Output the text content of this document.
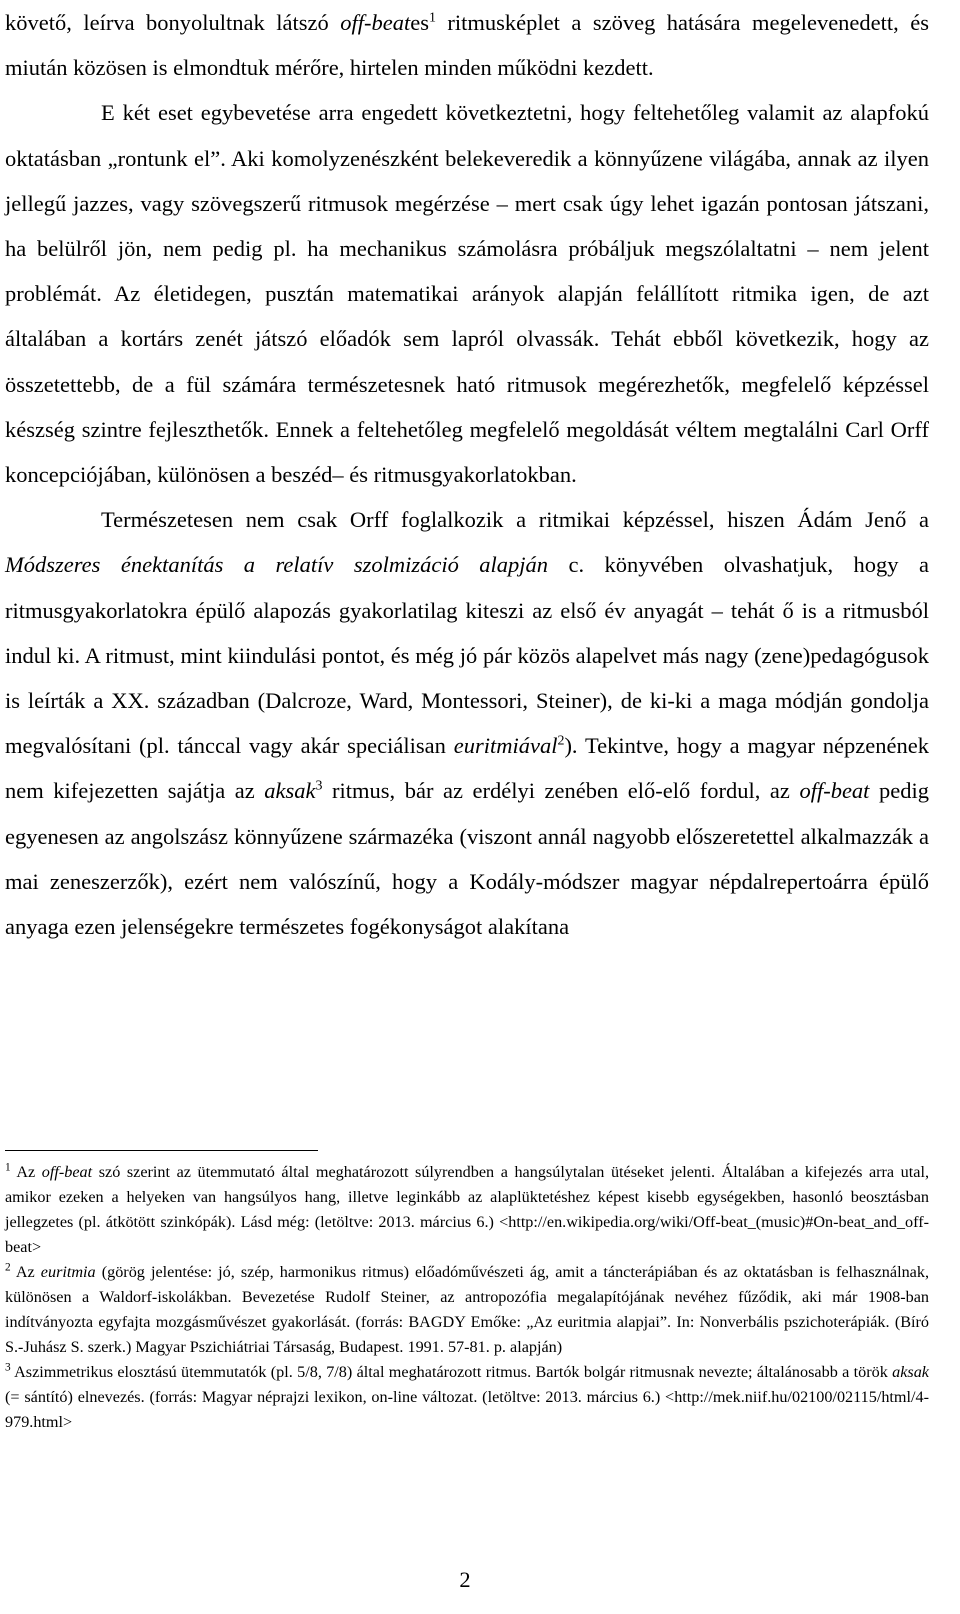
követő, leírva bonyolultnak látszó off-beates$^1$ ritmusképlet a szöveg hatására megelevenedett, és miután közösen is elmondtuk mérőre, hirtelen minden működni kezdett.

E két eset egybevetése arra engedett következtetni, hogy feltehetőleg valamit az alapfokú oktatásban „rontunk el”. Aki komolyzenészként belekeveredik a könnyűzene világába, annak az ilyen jellegű jazzes, vagy szövegszerű ritmusok megérzése – mert csak úgy lehet igazán pontosan játszani, ha belülről jön, nem pedig pl. ha mechanikus számolásra próbáljuk megszólaltatni – nem jelent problémát. Az életidegen, pusztán matematikai arányok alapján felállított ritmika igen, de azt általában a kortárs zenét játszó előadók sem lapról olvassák. Tehát ebből következik, hogy az összetettebb, de a fül számára természetesnek ható ritmusok megérezhetők, megfelelő képzéssel készség szintre fejleszthetők. Ennek a feltehetőleg megfelelő megoldását véltem megtalálni Carl Orff koncepciójában, különösen a beszéd– és ritmusgyakorlatokban.

Természetesen nem csak Orff foglalkozik a ritmikai képzéssel, hiszen Ádám Jenő a Módszeres énektanítás a relatív szolmizáció alapján c. könyvében olvashatjuk, hogy a ritmusgyakorlatokra épülő alapozás gyakorlatilag kiteszi az első év anyagát – tehát ő is a ritmusból indul ki. A ritmust, mint kiindulási pontot, és még jó pár közös alapelvet más nagy (zene)pedagógusok is leírták a XX. században (Dalcroze, Ward, Montessori, Steiner), de ki-ki a maga módján gondolja megvalósítani (pl. tánccal vagy akár speciálisan euritmiával$^2$). Tekintve, hogy a magyar népzenének nem kifejezetten sajátja az aksak$^3$ ritmus, bár az erdélyi zenében elő-elő fordul, az off-beat pedig egyenesen az angolszász könnyűzene származéka (viszont annál nagyobb előszeretettel alkalmazzák a mai zeneszerzők), ezért nem valószínű, hogy a Kodály-módszer magyar népdalrepertoárra épülő anyaga ezen jelenségekre természetes fogékonyságot alakítana

$^1$ Az off-beat szó szerint az ütemmutató által meghatározott súlyrendben a hangsúlytalan ütéseket jelenti. Általában a kifejezés arra utal, amikor ezeken a helyeken van hangsúlyos hang, illetve leginkább az alaplüktetéshez képest kisebb egységekben, hasonló beosztásban jellegzetes (pl. átkötött szinkópák). Lásd még: (letöltve: 2013. március 6.) <http://en.wikipedia.org/wiki/Off-beat_(music)#On-beat_and_off-beat>

$^2$ Az euritmia (görög jelentése: jó, szép, harmonikus ritmus) előadóművészeti ág, amit a táncterápiában és az oktatásban is felhasználnak, különösen a Waldorf-iskolákban. Bevezetése Rudolf Steiner, az antropozófia megalapítójának nevéhez fűződik, aki már 1908-ban indítványozta egyfajta mozgásművészet gyakorlását. (forrás: BAGDY Emőke: „Az euritmia alapjai”. In: Nonverbális pszichoterápiák. (Bíró S.-Juhász S. szerk.) Magyar Pszichiátriai Társaság, Budapest. 1991. 57-81. p. alapján)

$^3$ Aszimmetrikus elosztású ütemmutatók (pl. 5/8, 7/8) által meghatározott ritmus. Bartók bolgár ritmusnak nevezte; általánosabb a török aksak (= sántító) elnevezés. (forrás: Magyar néprajzi lexikon, on-line változat. (letöltve: 2013. március 6.) <http://mek.niif.hu/02100/02115/html/4-979.html>

2
